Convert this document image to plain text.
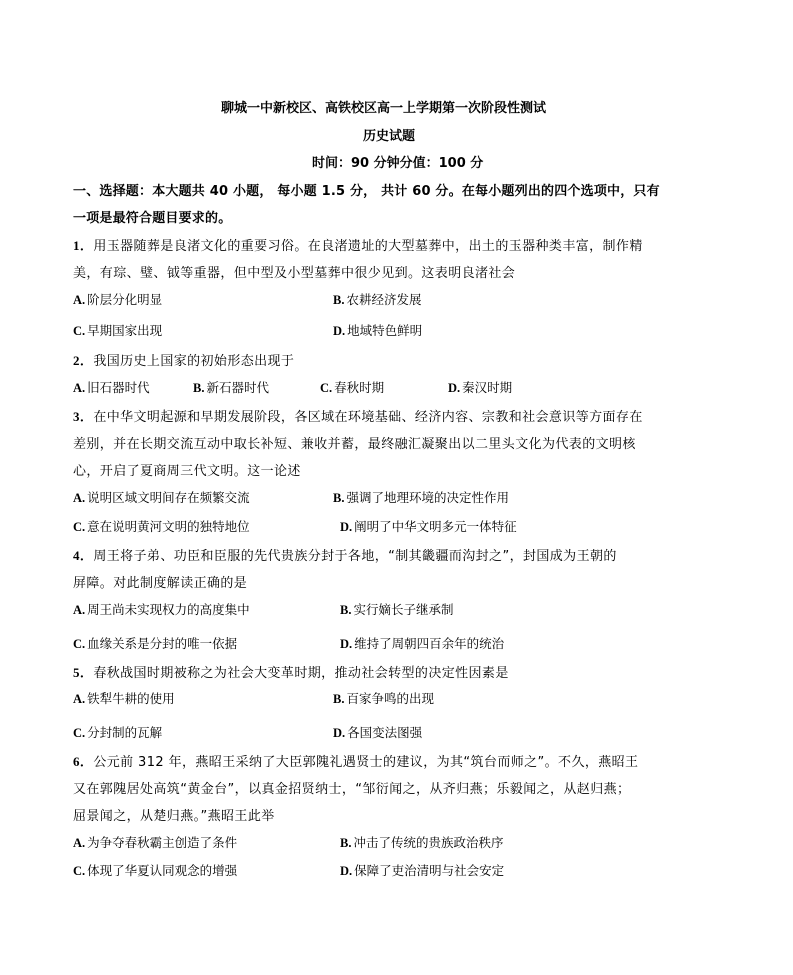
聊城一中新校区、高铁校区高一上学期第一次阶段性测试
历史试题
时间：90 分钟分值：100 分
一、选择题：本大题共 40 小题， 每小题 1.5 分， 共计 60 分。在每小题列出的四个选项中，只有
一项是最符合题目要求的。
1．用玉器随葬是良渚文化的重要习俗。在良渚遗址的大型墓葬中，出土的玉器种类丰富，制作精
美，有琮、璧、钺等重器，但中型及小型墓葬中很少见到。这表明良渚社会
A. 阶层分化明显	B. 农耕经济发展
C. 早期国家出现	D. 地域特色鲜明
2．我国历史上国家的初始形态出现于
A. 旧石器时代	B. 新石器时代	C. 春秋时期	D. 秦汉时期
3．在中华文明起源和早期发展阶段，各区域在环境基础、经济内容、宗教和社会意识等方面存在
差别，并在长期交流互动中取长补短、兼收并蓄，最终融汇凝聚出以二里头文化为代表的文明核
心，开启了夏商周三代文明。这一论述
A. 说明区域文明间存在频繁交流	B. 强调了地理环境的决定性作用
C. 意在说明黄河文明的独特地位	D. 阐明了中华文明多元一体特征
4．周王将子弟、功臣和臣服的先代贵族分封于各地，“制其畿疆而沟封之”，封国成为王朝的
屏障。对此制度解读正确的是
A. 周王尚未实现权力的高度集中	B. 实行嫡长子继承制
C. 血缘关系是分封的唯一依据	D. 维持了周朝四百余年的统治
5．春秋战国时期被称之为社会大变革时期，推动社会转型的决定性因素是
A. 铁犁牛耕的使用	B. 百家争鸣的出现
C. 分封制的瓦解	D. 各国变法图强
6．公元前 312 年，燕昭王采纳了大臣郭隗礼遇贤士的建议，为其“筑台而师之”。不久，燕昭王
又在郭隗居处高筑“黄金台”，以真金招贤纳士，“邹衍闻之，从齐归燕；乐毅闻之，从赵归燕；
屈景闻之，从楚归燕。”燕昭王此举
A. 为争夺春秋霸主创造了条件	B. 冲击了传统的贵族政治秩序
C. 体现了华夏认同观念的增强	D. 保障了吏治清明与社会安定
